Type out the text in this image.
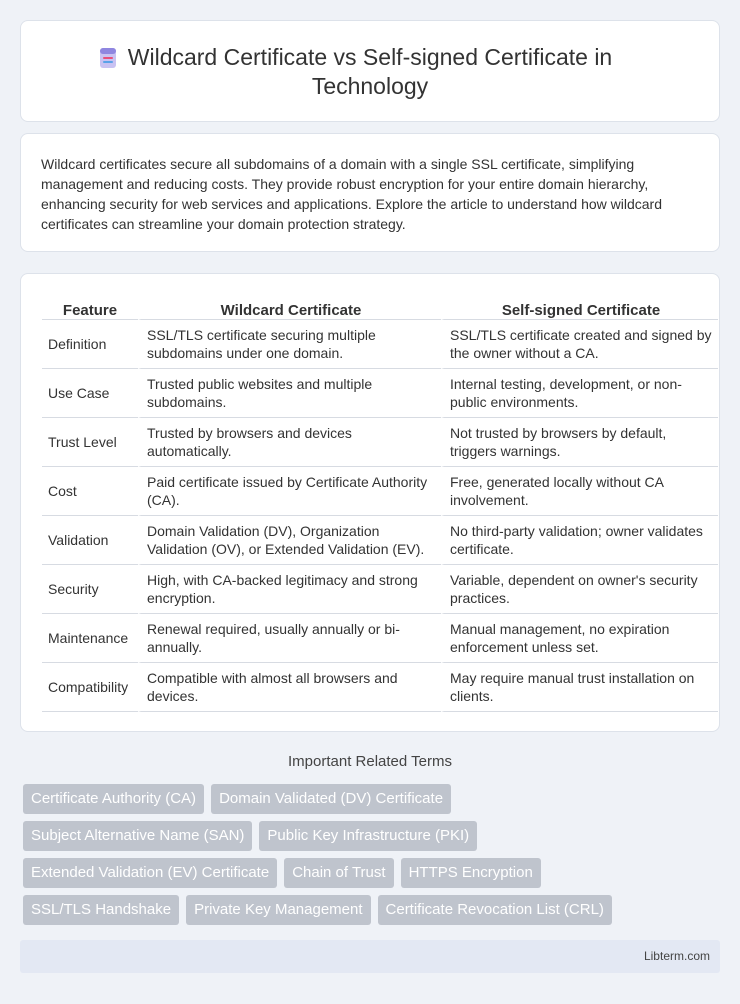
Wildcard Certificate vs Self-signed Certificate in Technology

Wildcard certificates secure all subdomains of a domain with a single SSL certificate, simplifying management and reducing costs. They provide robust encryption for your entire domain hierarchy, enhancing security for web services and applications. Explore the article to understand how wildcard certificates can streamline your domain protection strategy.

Feature	Wildcard Certificate	Self-signed Certificate
Definition	SSL/TLS certificate securing multiple subdomains under one domain.	SSL/TLS certificate created and signed by the owner without a CA.
Use Case	Trusted public websites and multiple subdomains.	Internal testing, development, or non-public environments.
Trust Level	Trusted by browsers and devices automatically.	Not trusted by browsers by default, triggers warnings.
Cost	Paid certificate issued by Certificate Authority (CA).	Free, generated locally without CA involvement.
Validation	Domain Validation (DV), Organization Validation (OV), or Extended Validation (EV).	No third-party validation; owner validates certificate.
Security	High, with CA-backed legitimacy and strong encryption.	Variable, dependent on owner's security practices.
Maintenance	Renewal required, usually annually or bi-annually.	Manual management, no expiration enforcement unless set.
Compatibility	Compatible with almost all browsers and devices.	May require manual trust installation on clients.
Important Related Terms
Certificate Authority (CA)	Domain Validated (DV) Certificate
Subject Alternative Name (SAN)	Public Key Infrastructure (PKI)
Extended Validation (EV) Certificate	Chain of Trust	HTTPS Encryption
SSL/TLS Handshake	Private Key Management	Certificate Revocation List (CRL)
Libterm.com
